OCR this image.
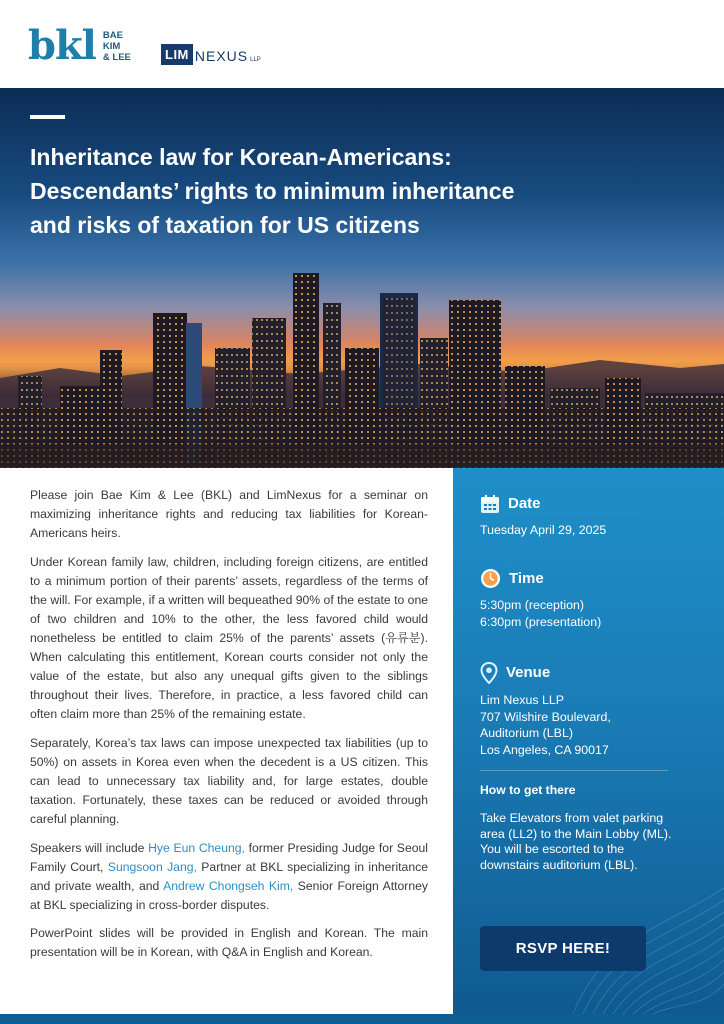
bkl BAE
KIM
& LEE	LIM NEXUS LLP
Inheritance law for Korean-Americans:
Descendants’ rights to minimum inheritance
and risks of taxation for US citizens

Please join Bae Kim & Lee (BKL) and LimNexus for a seminar on maximizing inheritance rights and reducing tax liabilities for Korean-Americans heirs.

Under Korean family law, children, including foreign citizens, are entitled to a minimum portion of their parents’ assets, regardless of the terms of the will. For example, if a written will bequeathed 90% of the estate to one of two children and 10% to the other, the less favored child would nonetheless be entitled to claim 25% of the parents’ assets (유류분). When calculating this entitlement, Korean courts consider not only the value of the estate, but also any unequal gifts given to the siblings throughout their lives. Therefore, in practice, a less favored child can often claim more than 25% of the remaining estate.

Separately, Korea’s tax laws can impose unexpected tax liabilities (up to 50%) on assets in Korea even when the decedent is a US citizen. This can lead to unnecessary tax liability and, for large estates, double taxation. Fortunately, these taxes can be reduced or avoided through careful planning.

Speakers will include Hye Eun Cheung, former Presiding Judge for Seoul Family Court, Sungsoon Jang, Partner at BKL specializing in inheritance and private wealth, and Andrew Chongseh Kim, Senior Foreign Attorney at BKL specializing in cross-border disputes.

PowerPoint slides will be provided in English and Korean. The main presentation will be in Korean, with Q&A in English and Korean.

Date
Tuesday April 29, 2025
Time
5:30pm (reception)
6:30pm (presentation)
Venue
Lim Nexus LLP
707 Wilshire Boulevard,
Auditorium (LBL)
Los Angeles, CA 90017
How to get there
Take Elevators from valet parking area (LL2) to the Main Lobby (ML). You will be escorted to the downstairs auditorium (LBL).
RSVP HERE!
